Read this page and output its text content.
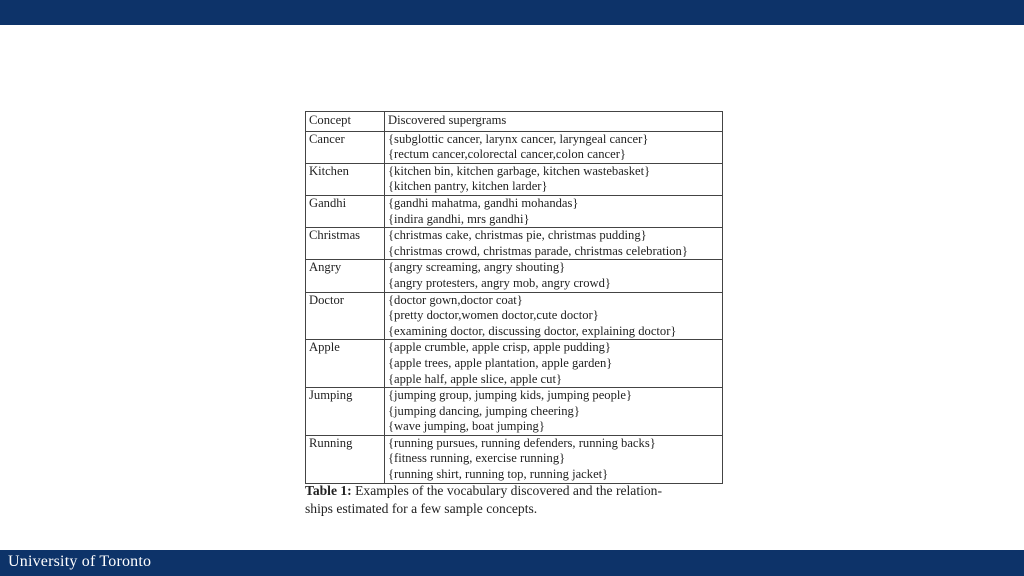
Concept	Discovered supergrams
Cancer	{subglottic cancer, larynx cancer, laryngeal cancer}
{rectum cancer,colorectal cancer,colon cancer}

Kitchen	{kitchen bin, kitchen garbage, kitchen wastebasket}
{kitchen pantry, kitchen larder}

Gandhi	{gandhi mahatma, gandhi mohandas}
{indira gandhi, mrs gandhi}

Christmas	{christmas cake, christmas pie, christmas pudding}
{christmas crowd, christmas parade, christmas celebration}

Angry	{angry screaming, angry shouting}
{angry protesters, angry mob, angry crowd}

Doctor	{doctor gown,doctor coat}
{pretty doctor,women doctor,cute doctor}
{examining doctor, discussing doctor, explaining doctor}

Apple	{apple crumble, apple crisp, apple pudding}
{apple trees, apple plantation, apple garden}
{apple half, apple slice, apple cut}

Jumping	{jumping group, jumping kids, jumping people}
{jumping dancing, jumping cheering}
{wave jumping, boat jumping}

Running	{running pursues, running defenders, running backs}
{fitness running, exercise running}
{running shirt, running top, running jacket}
Table 1: Examples of the vocabulary discovered and the relation-
ships estimated for a few sample concepts.
University of Toronto
